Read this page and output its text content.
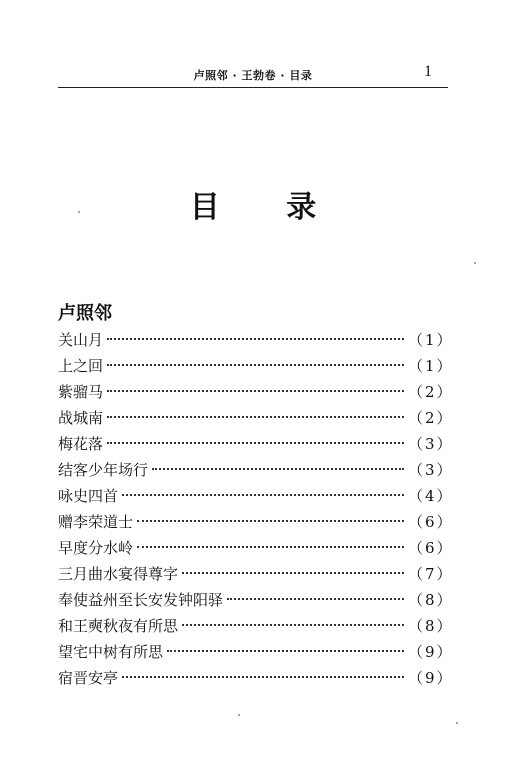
卢照邻 · 王勃卷 · 目录	1
目 录
卢照邻
关山月	（1）
上之回	（1）
紫骝马	（2）
战城南	（2）
梅花落	（3）
结客少年场行	（3）
咏史四首	（4）
赠李荣道士	（6）
早度分水岭	（6）
三月曲水宴得尊字	（7）
奉使益州至长安发钟阳驿	（8）
和王奭秋夜有所思	（8）
望宅中树有所思	（9）
宿晋安亭	（9）
